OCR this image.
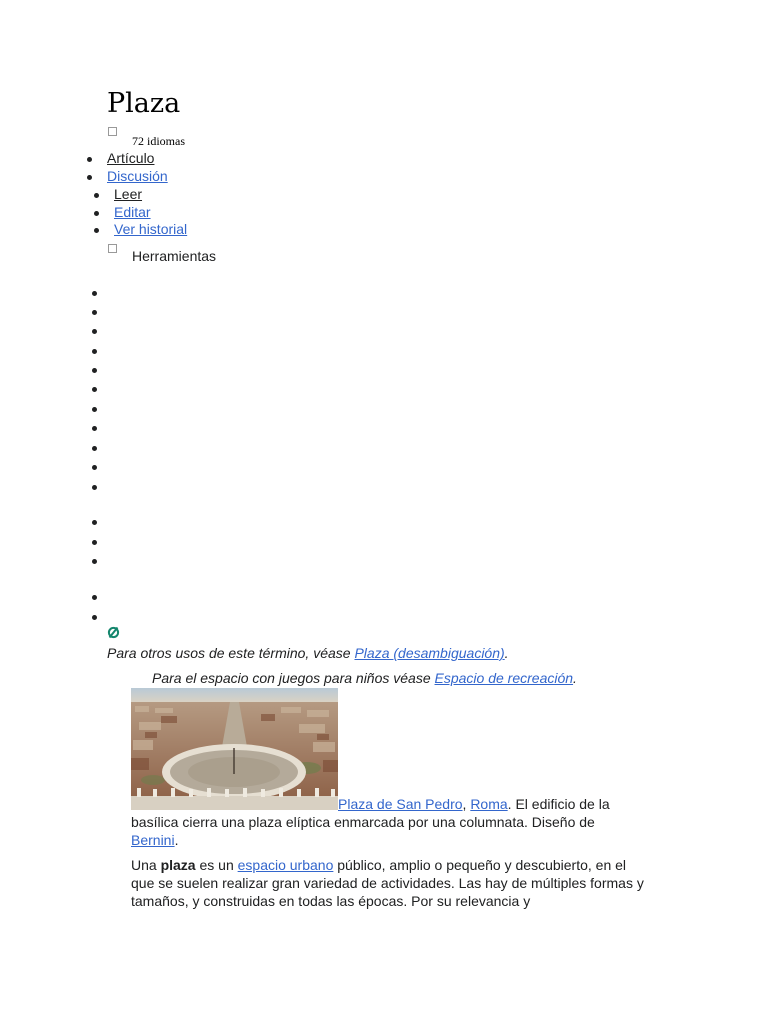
Plaza
72 idiomas
Artículo
Discusión
Leer
Editar
Ver historial
Herramientas
Para otros usos de este término, véase Plaza (desambiguación).
Para el espacio con juegos para niños véase Espacio de recreación.
Plaza de San Pedro, Roma. El edificio de la basílica cierra una plaza elíptica enmarcada por una columnata. Diseño de Bernini.
Una plaza es un espacio urbano público, amplio o pequeño y descubierto, en el que se suelen realizar gran variedad de actividades. Las hay de múltiples formas y tamaños, y construidas en todas las épocas. Por su relevancia y
